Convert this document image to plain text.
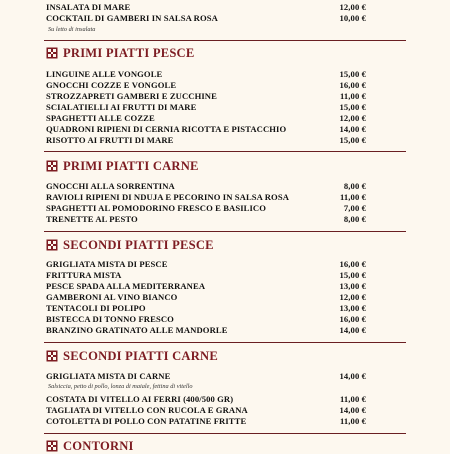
INSALATA DI MARE	12,00 €
COCKTAIL DI GAMBERI IN SALSA ROSA	10,00 €
Su letto di insalata
PRIMI PIATTI PESCE
LINGUINE ALLE VONGOLE	15,00 €
GNOCCHI COZZE E VONGOLE	16,00 €
STROZZAPRETI GAMBERI E ZUCCHINE	11,00 €
SCIALATIELLI AI FRUTTI DI MARE	15,00 €
SPAGHETTI ALLE COZZE	12,00 €
QUADRONI RIPIENI DI CERNIA RICOTTA E PISTACCHIO	14,00 €
RISOTTO AI FRUTTI DI MARE	15,00 €
PRIMI PIATTI CARNE
GNOCCHI ALLA SORRENTINA	8,00 €
RAVIOLI RIPIENI DI NDUJA E PECORINO IN SALSA ROSA	11,00 €
SPAGHETTI AL POMODORINO FRESCO E BASILICO	7,00 €
TRENETTE AL PESTO	8,00 €
SECONDI PIATTI PESCE
GRIGLIATA MISTA DI PESCE	16,00 €
FRITTURA MISTA	15,00 €
PESCE SPADA ALLA MEDITERRANEA	13,00 €
GAMBERONI AL VINO BIANCO	12,00 €
TENTACOLI DI POLIPO	13,00 €
BISTECCA DI TONNO FRESCO	16,00 €
BRANZINO GRATINATO ALLE MANDORLE	14,00 €
SECONDI PIATTI CARNE
GRIGLIATA MISTA DI CARNE	14,00 €
Salsiccia, petto di pollo, lonza di maiale, fettina di vitello
COSTATA DI VITELLO AI FERRI (400/500 GR)	11,00 €
TAGLIATA DI VITELLO CON RUCOLA E GRANA	14,00 €
COTOLETTA DI POLLO CON PATATINE FRITTE	11,00 €
CONTORNI
